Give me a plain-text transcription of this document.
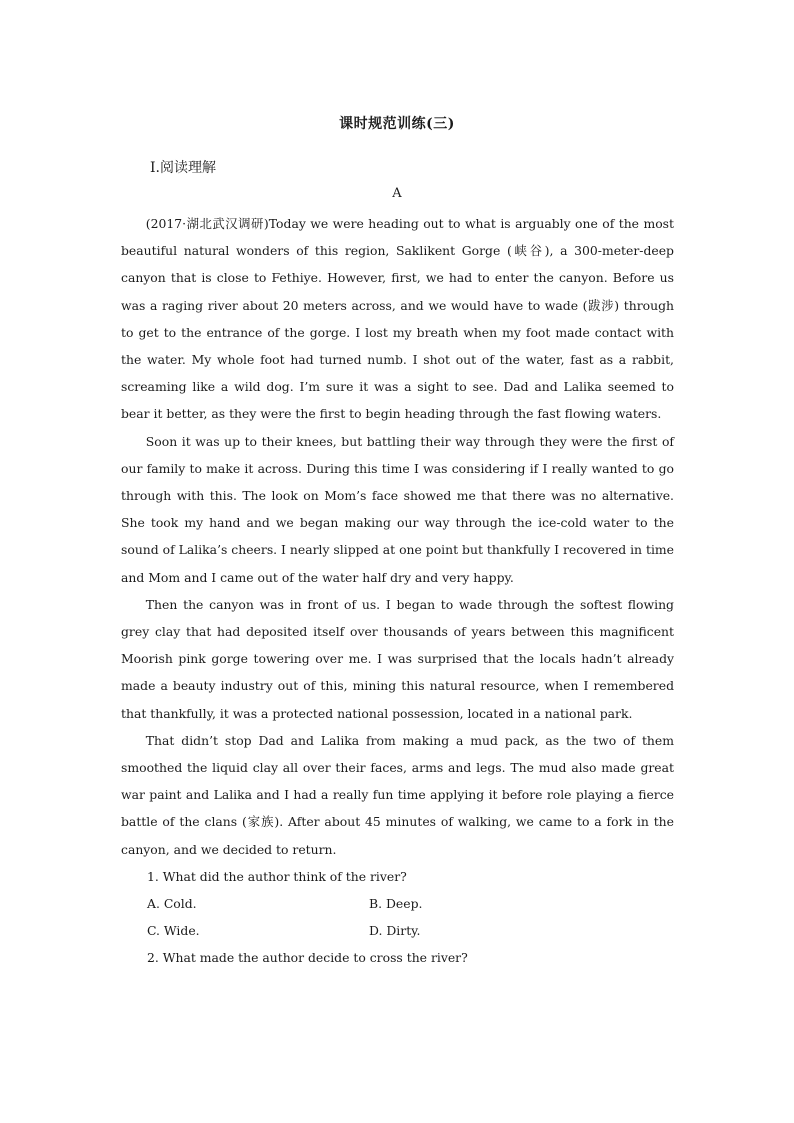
课时规范训练(三)
Ⅰ.阅读理解
A

(2017·湖北武汉调研)Today we were heading out to what is arguably one of the most beautiful natural wonders of this region, Saklikent Gorge (峡谷), a 300-meter-deep canyon that is close to Fethiye. However, first, we had to enter the canyon. Before us was a raging river about 20 meters across, and we would have to wade (跋涉) through to get to the entrance of the gorge. I lost my breath when my foot made contact with the water. My whole foot had turned numb. I shot out of the water, fast as a rabbit, screaming like a wild dog. I’m sure it was a sight to see. Dad and Lalika seemed to bear it better, as they were the first to begin heading through the fast flowing waters.

Soon it was up to their knees, but battling their way through they were the first of our family to make it across. During this time I was considering if I really wanted to go through with this. The look on Mom’s face showed me that there was no alternative. She took my hand and we began making our way through the ice-cold water to the sound of Lalika’s cheers. I nearly slipped at one point but thankfully I recovered in time and Mom and I came out of the water half dry and very happy.

Then the canyon was in front of us. I began to wade through the softest flowing grey clay that had deposited itself over thousands of years between this magnificent Moorish pink gorge towering over me. I was surprised that the locals hadn’t already made a beauty industry out of this, mining this natural resource, when I remembered that thankfully, it was a protected national possession, located in a national park.

That didn’t stop Dad and Lalika from making a mud pack, as the two of them smoothed the liquid clay all over their faces, arms and legs. The mud also made great war paint and Lalika and I had a really fun time applying it before role playing a fierce battle of the clans (家族). After about 45 minutes of walking, we came to a fork in the canyon, and we decided to return.

1. What did the author think of the river?

A. Cold.	B. Deep.
C. Wide.	D. Dirty.

2. What made the author decide to cross the river?
